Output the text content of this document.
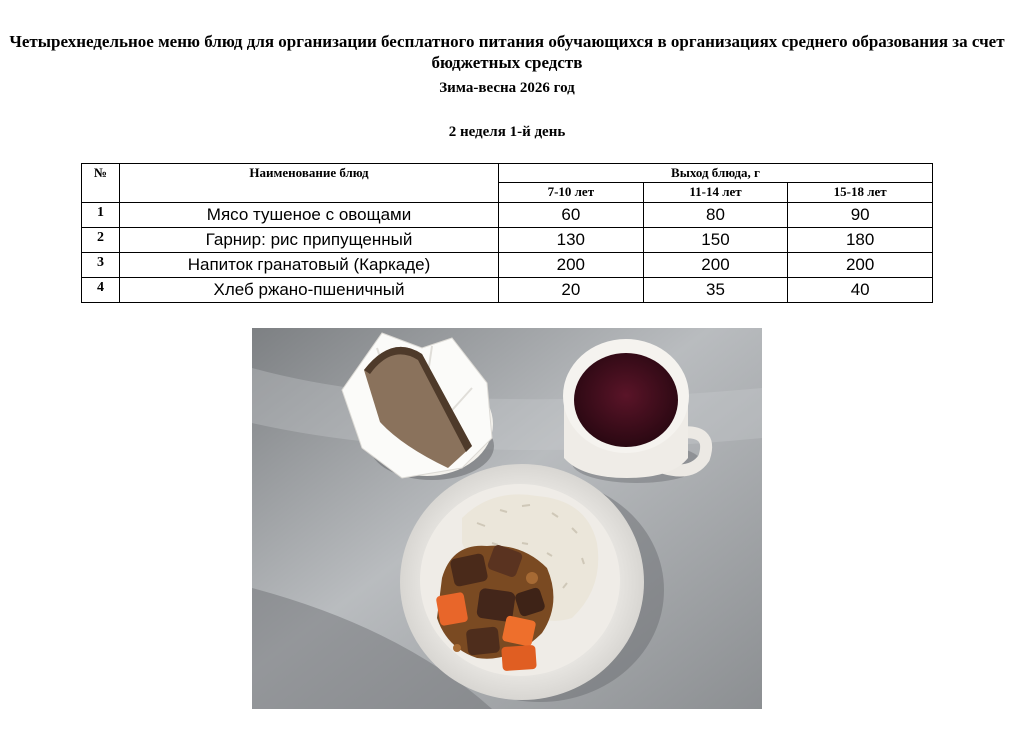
Четырехнедельное меню блюд для организации бесплатного питания обучающихся в организациях среднего образования за счет бюджетных средств
Зима-весна 2026 год
2 неделя 1-й день
№	Наименование блюд	Выход блюда, г		
		7-10 лет	11-14 лет	15-18 лет
1	Мясо тушеное с овощами	60	80	90
2	Гарнир: рис припущенный	130	150	180
3	Напиток гранатовый (Каркаде)	200	200	200
4	Хлеб ржано-пшеничный	20	35	40
